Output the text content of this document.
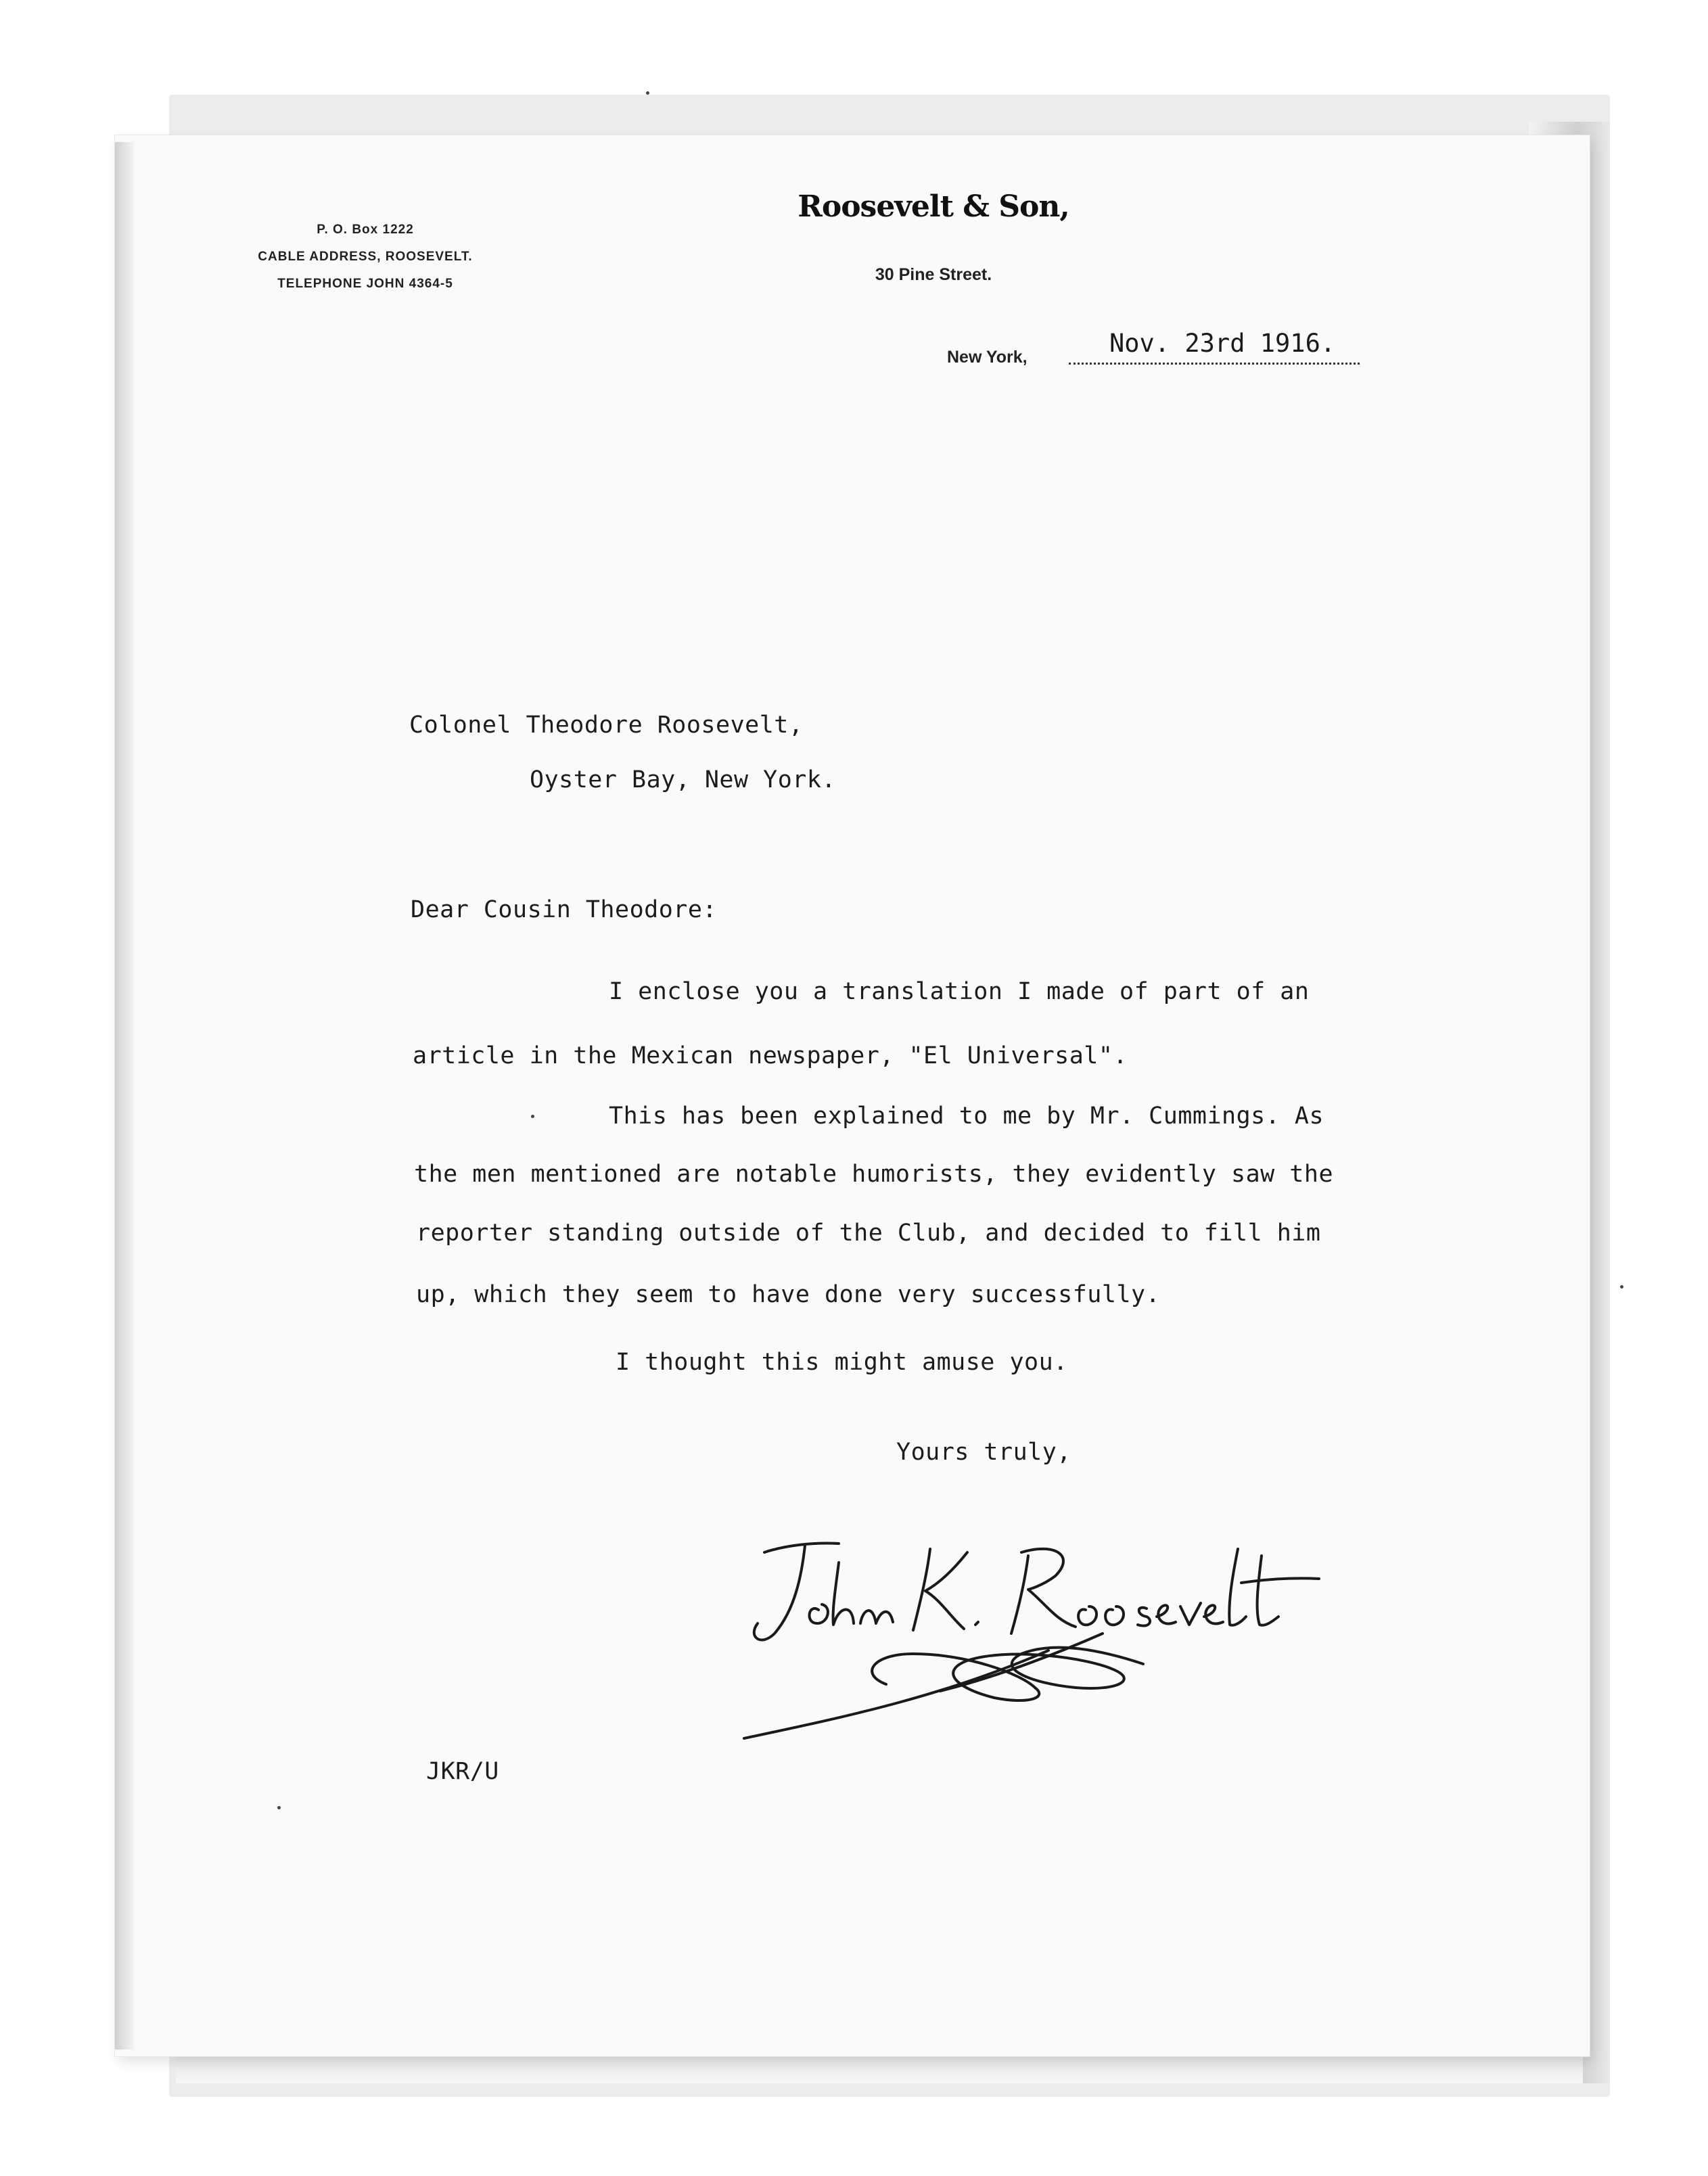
P. O. Box 1222
CABLE ADDRESS, ROOSEVELT.
TELEPHONE JOHN 4364-5
Roosevelt & Son,
30 Pine Street.
New York,	Nov. 23rd 1916.
Colonel Theodore Roosevelt,
Oyster Bay, New York.
Dear Cousin Theodore:
I enclose you a translation I made of part of an
article in the Mexican newspaper, "El Universal".
This has been explained to me by Mr. Cummings. As
the men mentioned are notable humorists, they evidently saw the
reporter standing outside of the Club, and decided to fill him
up, which they seem to have done very successfully.
I thought this might amuse you.
Yours truly,
JKR/U
